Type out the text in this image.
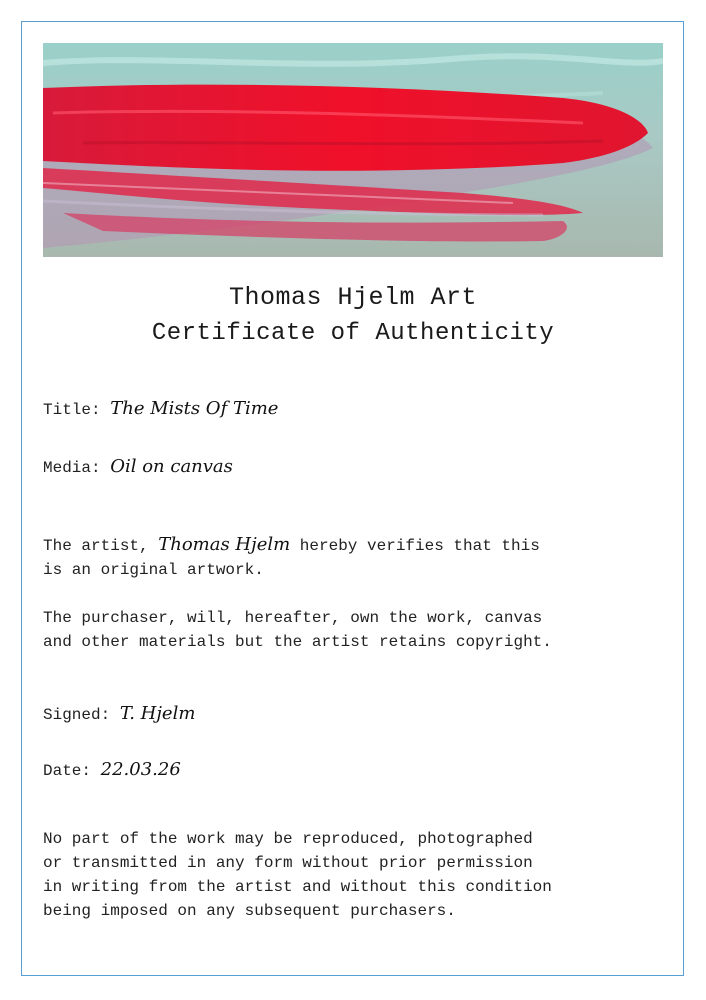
Thomas Hjelm Art
Certificate of Authenticity
Title: The Mists Of Time
Media: Oil on canvas
The artist, Thomas Hjelm hereby verifies that this
is an original artwork.
The purchaser, will, hereafter, own the work, canvas
and other materials but the artist retains copyright.
Signed: T. Hjelm
Date: 22.03.26
No part of the work may be reproduced, photographed
or transmitted in any form without prior permission
in writing from the artist and without this condition
being imposed on any subsequent purchasers.
